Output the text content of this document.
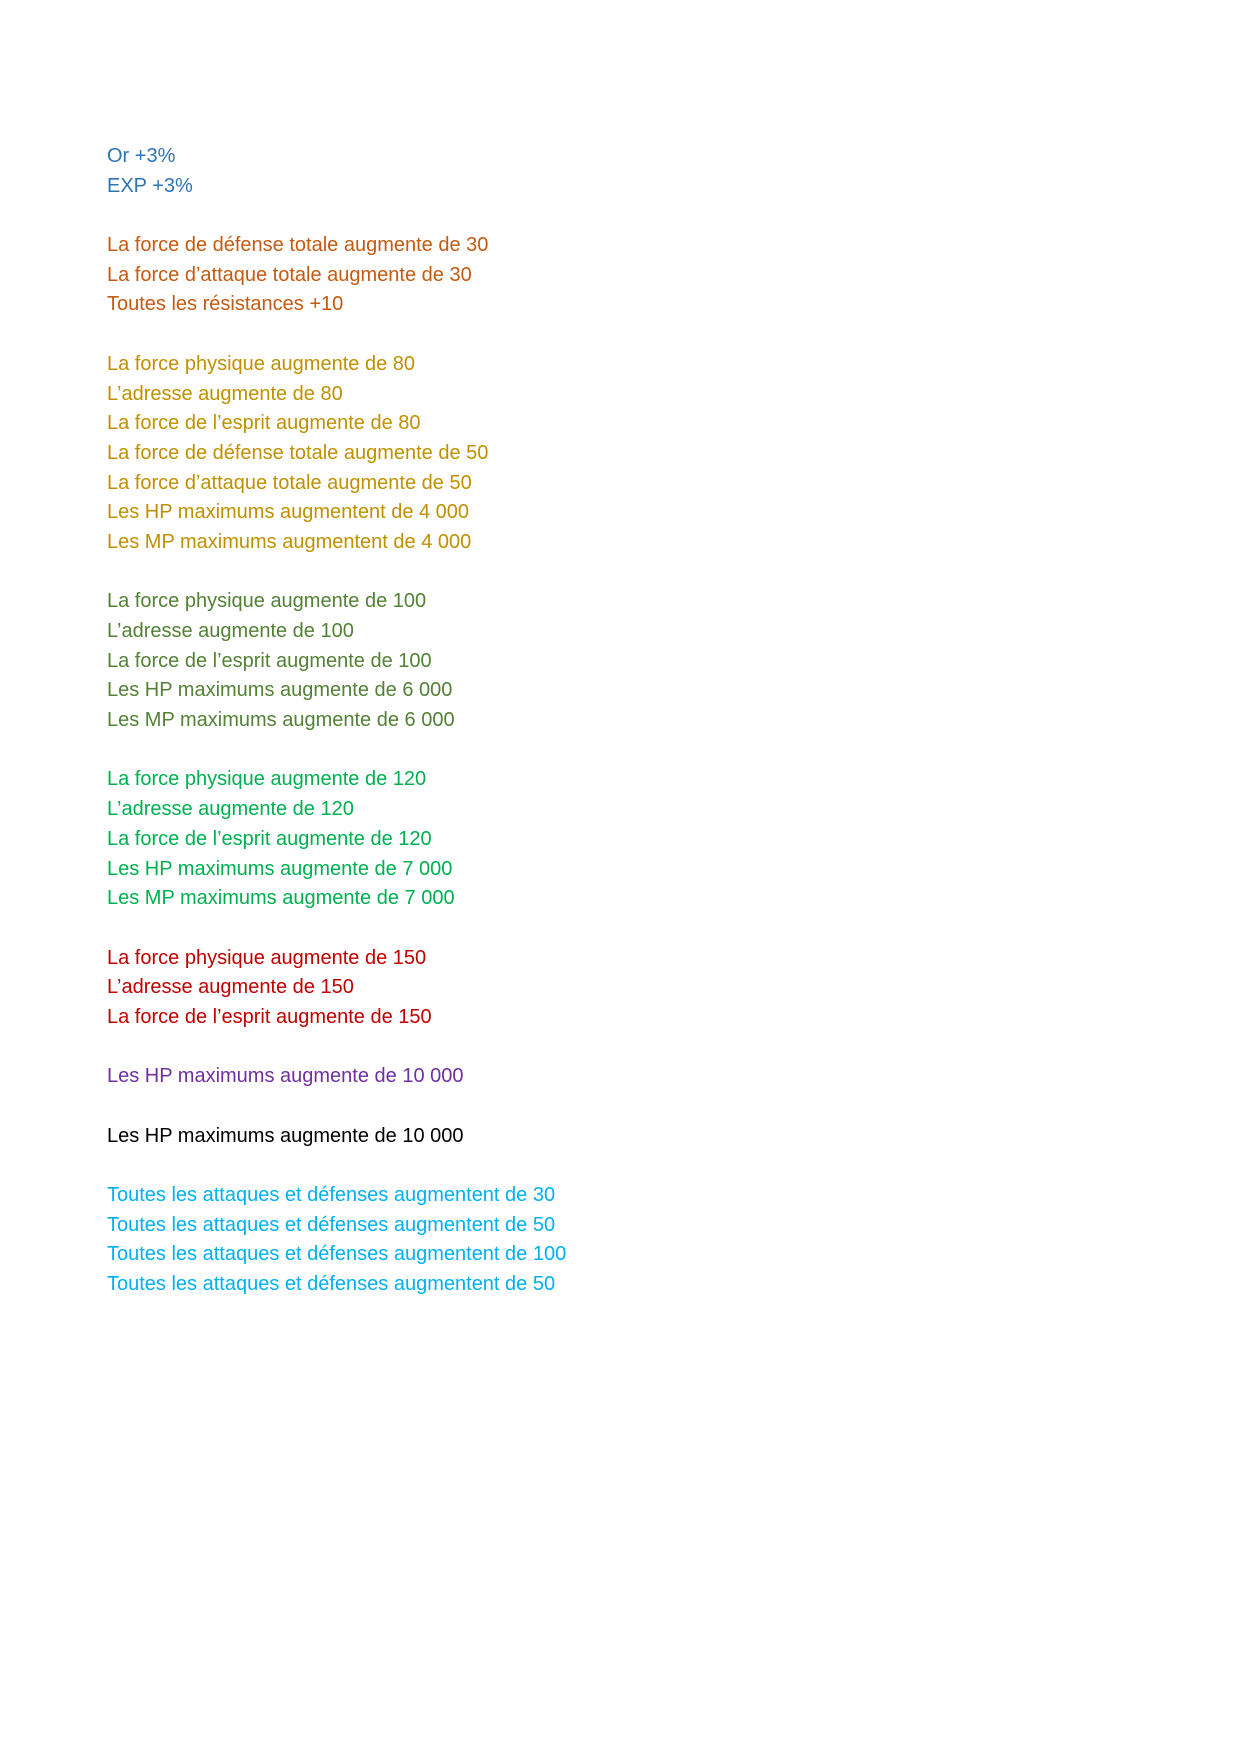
Or +3%
EXP +3%
La force de défense totale augmente de 30
La force d’attaque totale augmente de 30
Toutes les résistances +10
La force physique augmente de 80
L’adresse augmente de 80
La force de l’esprit augmente de 80
La force de défense totale augmente de 50
La force d’attaque totale augmente de 50
Les HP maximums augmentent de 4 000
Les MP maximums augmentent de 4 000
La force physique augmente de 100
L’adresse augmente de 100
La force de l’esprit augmente de 100
Les HP maximums augmente de 6 000
Les MP maximums augmente de 6 000
La force physique augmente de 120
L’adresse augmente de 120
La force de l’esprit augmente de 120
Les HP maximums augmente de 7 000
Les MP maximums augmente de 7 000
La force physique augmente de 150
L’adresse augmente de 150
La force de l’esprit augmente de 150
Les HP maximums augmente de 10 000
Les HP maximums augmente de 10 000
Toutes les attaques et défenses augmentent de 30
Toutes les attaques et défenses augmentent de 50
Toutes les attaques et défenses augmentent de 100
Toutes les attaques et défenses augmentent de 50
